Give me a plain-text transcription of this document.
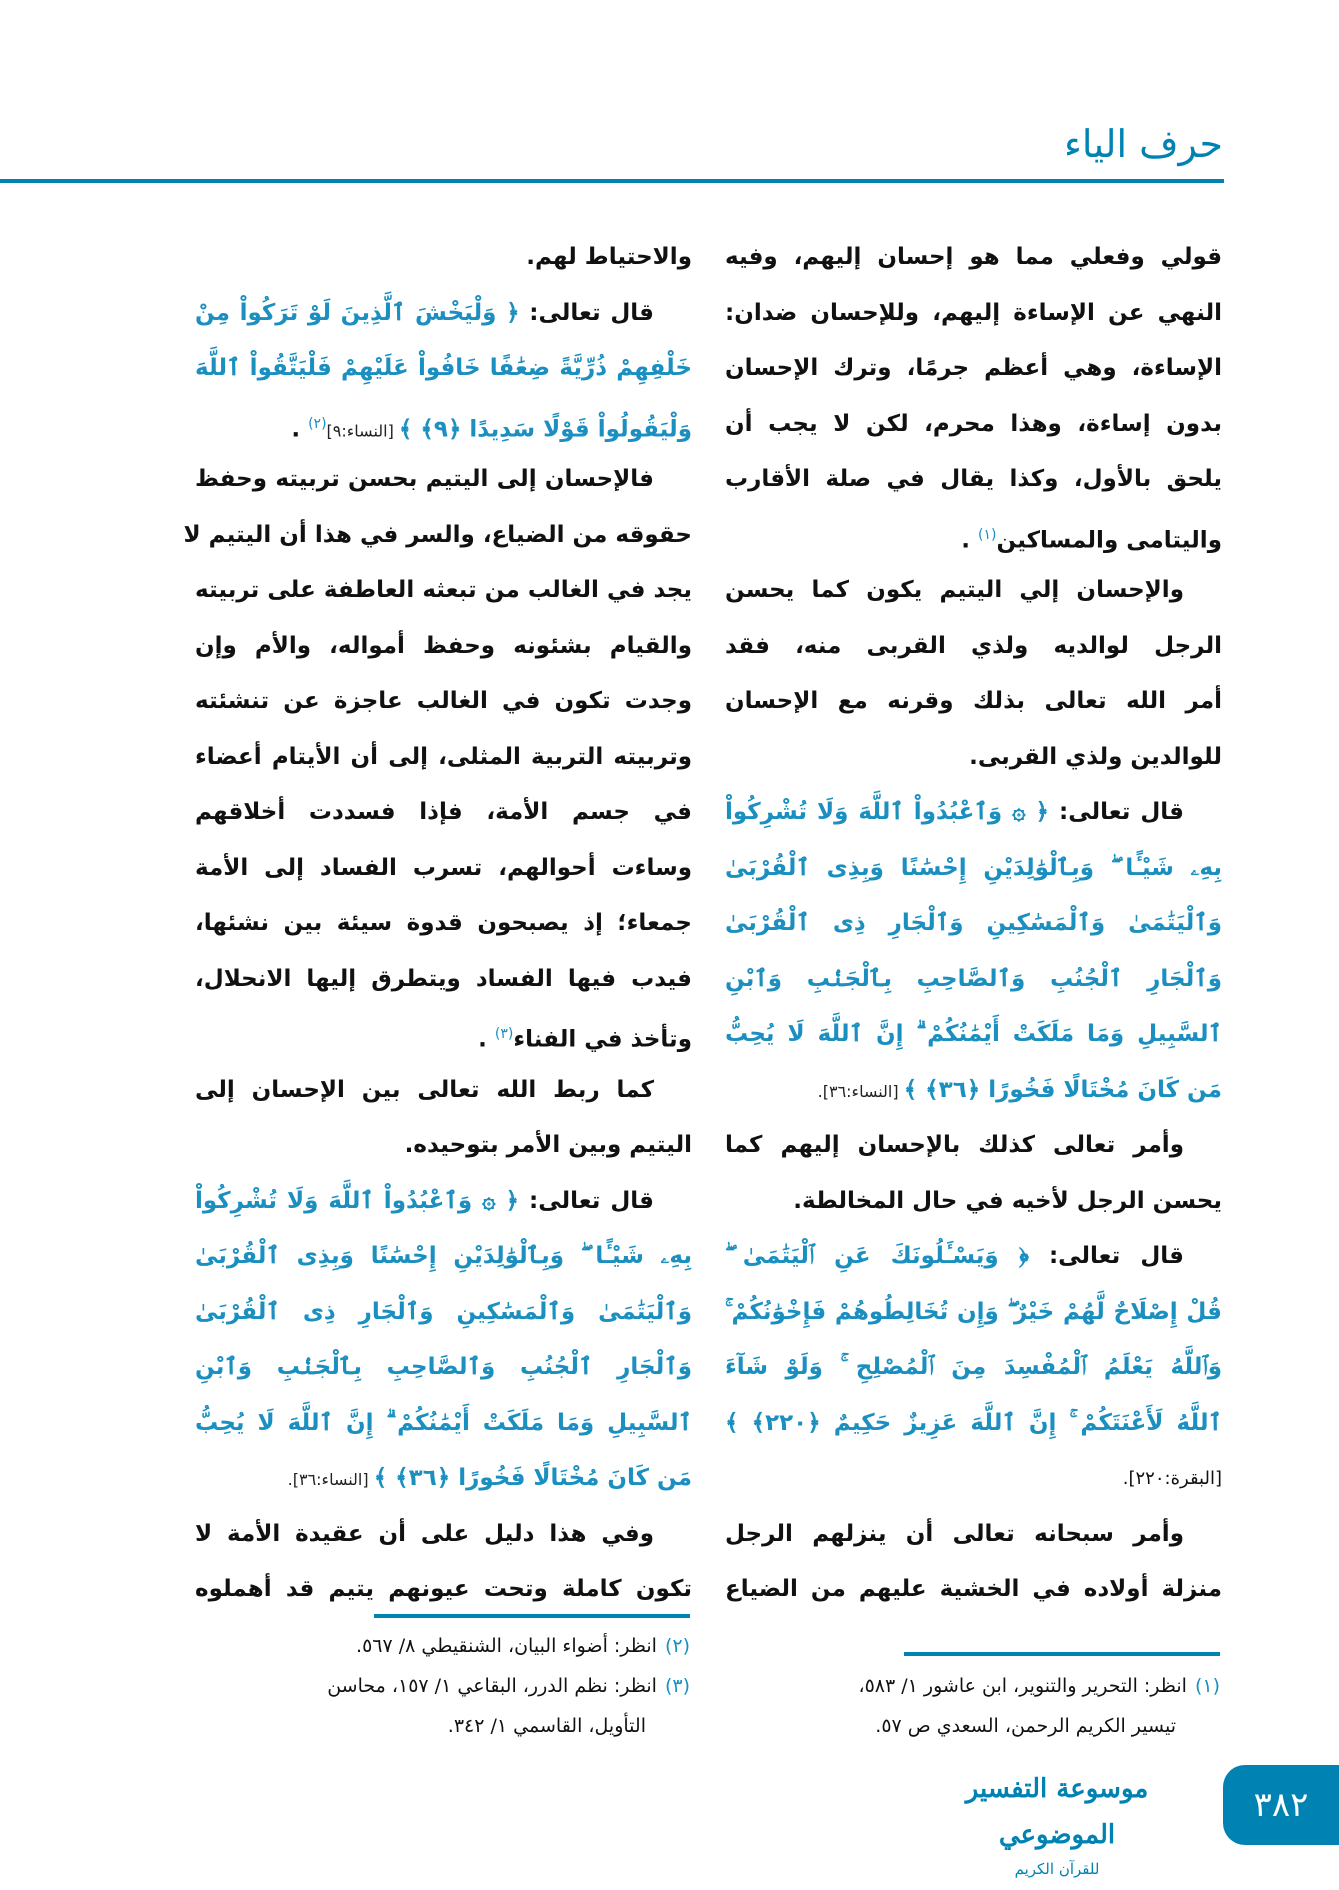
حرف الياء
قولي وفعلي مما هو إحسان إليهم، وفيه
النهي عن الإساءة إليهم، وللإحسان ضدان:
الإساءة، وهي أعظم جرمًا، وترك الإحسان
بدون إساءة، وهذا محرم، لكن لا يجب أن
يلحق بالأول، وكذا يقال في صلة الأقارب
واليتامى والمساكين$^{(١)}$ .
والإحسان إلي اليتيم يكون كما يحسن
الرجل لوالديه ولذي القربى منه، فقد
أمر الله تعالى بذلك وقرنه مع الإحسان
للوالدين ولذي القربى.
قال تعالى: ﴿ ۞ وَٱعْبُدُواْ ٱللَّهَ وَلَا تُشْرِكُواْ
بِهِۦ شَيْـًٔا ۖ وَبِٱلْوَٰلِدَيْنِ إِحْسَٰنًا وَبِذِى ٱلْقُرْبَىٰ
وَٱلْيَتَٰمَىٰ وَٱلْمَسَٰكِينِ وَٱلْجَارِ ذِى ٱلْقُرْبَىٰ
وَٱلْجَارِ ٱلْجُنُبِ وَٱلصَّاحِبِ بِٱلْجَنۢبِ وَٱبْنِ
ٱلسَّبِيلِ وَمَا مَلَكَتْ أَيْمَٰنُكُمْ ۗ إِنَّ ٱللَّهَ لَا يُحِبُّ
مَن كَانَ مُخْتَالًا فَخُورًا ﴿٣٦﴾ ﴾ [النساء:٣٦].
وأمر تعالى كذلك بالإحسان إليهم كما
يحسن الرجل لأخيه في حال المخالطة.
قال تعالى: ﴿ وَيَسْـَٔلُونَكَ عَنِ ٱلْيَتَٰمَىٰ ۖ
قُلْ إِصْلَاحٌ لَّهُمْ خَيْرٌ ۖ وَإِن تُخَالِطُوهُمْ فَإِخْوَٰنُكُمْ ۚ
وَٱللَّهُ يَعْلَمُ ٱلْمُفْسِدَ مِنَ ٱلْمُصْلِحِ ۚ وَلَوْ شَآءَ
ٱللَّهُ لَأَعْنَتَكُمْ ۚ إِنَّ ٱللَّهَ عَزِيزٌ حَكِيمٌ ﴿٢٢٠﴾ ﴾
[البقرة:٢٢٠].
وأمر سبحانه تعالى أن ينزلهم الرجل
منزلة أولاده في الخشية عليهم من الضياع
والاحتياط لهم.
قال تعالى: ﴿ وَلْيَخْشَ ٱلَّذِينَ لَوْ تَرَكُواْ مِنْ
خَلْفِهِمْ ذُرِّيَّةً ضِعَٰفًا خَافُواْ عَلَيْهِمْ فَلْيَتَّقُواْ ٱللَّهَ
وَلْيَقُولُواْ قَوْلًا سَدِيدًا ﴿٩﴾ ﴾ [النساء:٩]$^{(٢)}$ .
فالإحسان إلى اليتيم بحسن تربيته وحفظ
حقوقه من الضياع، والسر في هذا أن اليتيم لا
يجد في الغالب من تبعثه العاطفة على تربيته
والقيام بشئونه وحفظ أمواله، والأم وإن
وجدت تكون في الغالب عاجزة عن تنشئته
وتربيته التربية المثلى، إلى أن الأيتام أعضاء
في جسم الأمة، فإذا فسددت أخلاقهم
وساءت أحوالهم، تسرب الفساد إلى الأمة
جمعاء؛ إذ يصبحون قدوة سيئة بين نشئها،
فيدب فيها الفساد ويتطرق إليها الانحلال،
وتأخذ في الفناء$^{(٣)}$ .
كما ربط الله تعالى بين الإحسان إلى
اليتيم وبين الأمر بتوحيده.
قال تعالى: ﴿ ۞ وَٱعْبُدُواْ ٱللَّهَ وَلَا تُشْرِكُواْ
بِهِۦ شَيْـًٔا ۖ وَبِٱلْوَٰلِدَيْنِ إِحْسَٰنًا وَبِذِى ٱلْقُرْبَىٰ
وَٱلْيَتَٰمَىٰ وَٱلْمَسَٰكِينِ وَٱلْجَارِ ذِى ٱلْقُرْبَىٰ
وَٱلْجَارِ ٱلْجُنُبِ وَٱلصَّاحِبِ بِٱلْجَنۢبِ وَٱبْنِ
ٱلسَّبِيلِ وَمَا مَلَكَتْ أَيْمَٰنُكُمْ ۗ إِنَّ ٱللَّهَ لَا يُحِبُّ
مَن كَانَ مُخْتَالًا فَخُورًا ﴿٣٦﴾ ﴾ [النساء:٣٦].
وفي هذا دليل على أن عقيدة الأمة لا
تكون كاملة وتحت عيونهم يتيم قد أهملوه
(٢)انظر: أضواء البيان، الشنقيطي ٨/ ٥٦٧.
(٣)انظر: نظم الدرر، البقاعي ١/ ١٥٧، محاسن
التأويل، القاسمي ١/ ٣٤٢.
(١)انظر: التحرير والتنوير، ابن عاشور ١/ ٥٨٣،
تيسير الكريم الرحمن، السعدي ص ٥٧.
موسوعة التفسير الموضوعي
للقرآن الكريم
٣٨٢
